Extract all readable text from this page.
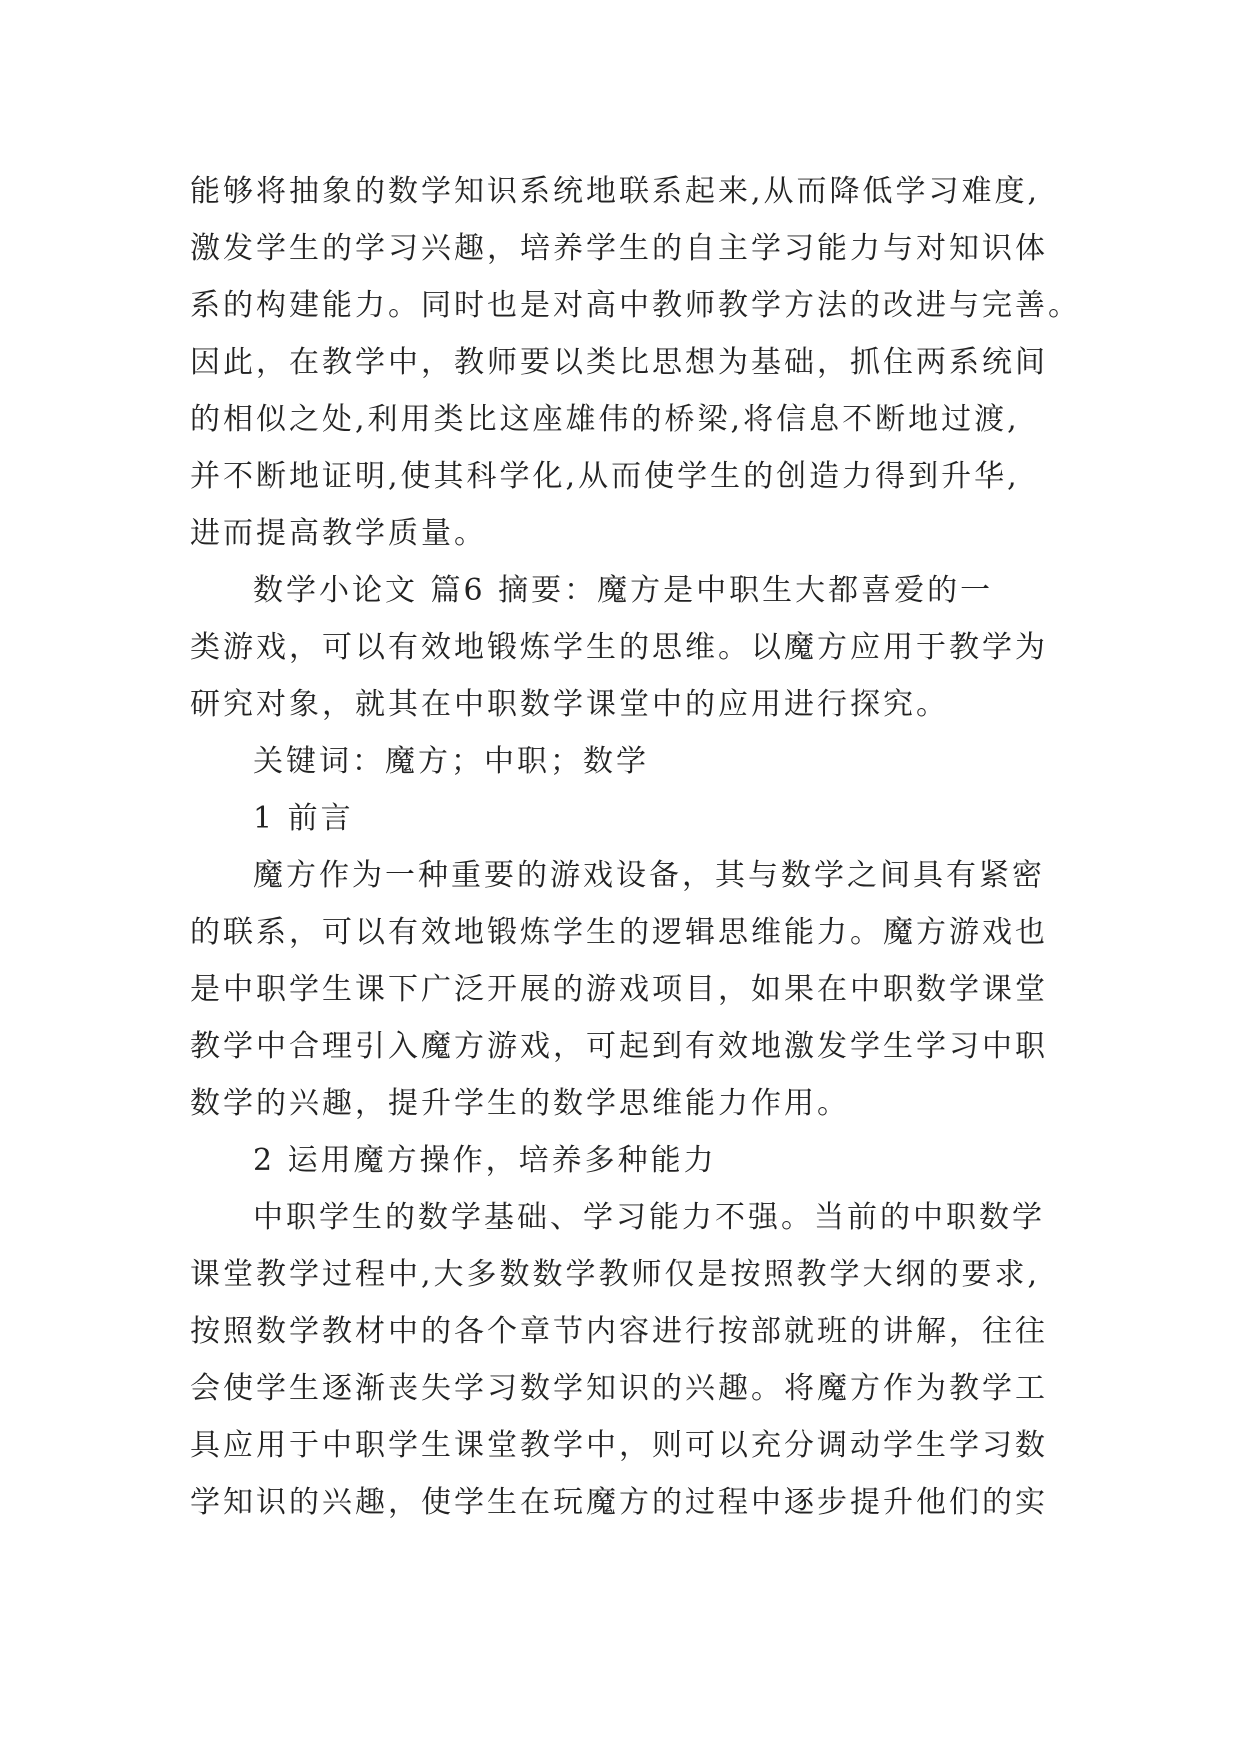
能够将抽象的数学知识系统地联系起来,从而降低学习难度,
激发学生的学习兴趣，培养学生的自主学习能力与对知识体
系的构建能力。同时也是对高中教师教学方法的改进与完善。
因此，在教学中，教师要以类比思想为基础，抓住两系统间
的相似之处,利用类比这座雄伟的桥梁,将信息不断地过渡,
并不断地证明,使其科学化,从而使学生的创造力得到升华,
进而提高教学质量。
数学小论文 篇6 摘要：魔方是中职生大都喜爱的一
类游戏，可以有效地锻炼学生的思维。以魔方应用于教学为
研究对象，就其在中职数学课堂中的应用进行探究。
关键词：魔方；中职；数学
1 前言
魔方作为一种重要的游戏设备，其与数学之间具有紧密
的联系，可以有效地锻炼学生的逻辑思维能力。魔方游戏也
是中职学生课下广泛开展的游戏项目，如果在中职数学课堂
教学中合理引入魔方游戏，可起到有效地激发学生学习中职
数学的兴趣，提升学生的数学思维能力作用。
2 运用魔方操作，培养多种能力
中职学生的数学基础、学习能力不强。当前的中职数学
课堂教学过程中,大多数数学教师仅是按照教学大纲的要求,
按照数学教材中的各个章节内容进行按部就班的讲解，往往
会使学生逐渐丧失学习数学知识的兴趣。将魔方作为教学工
具应用于中职学生课堂教学中，则可以充分调动学生学习数
学知识的兴趣，使学生在玩魔方的过程中逐步提升他们的实
